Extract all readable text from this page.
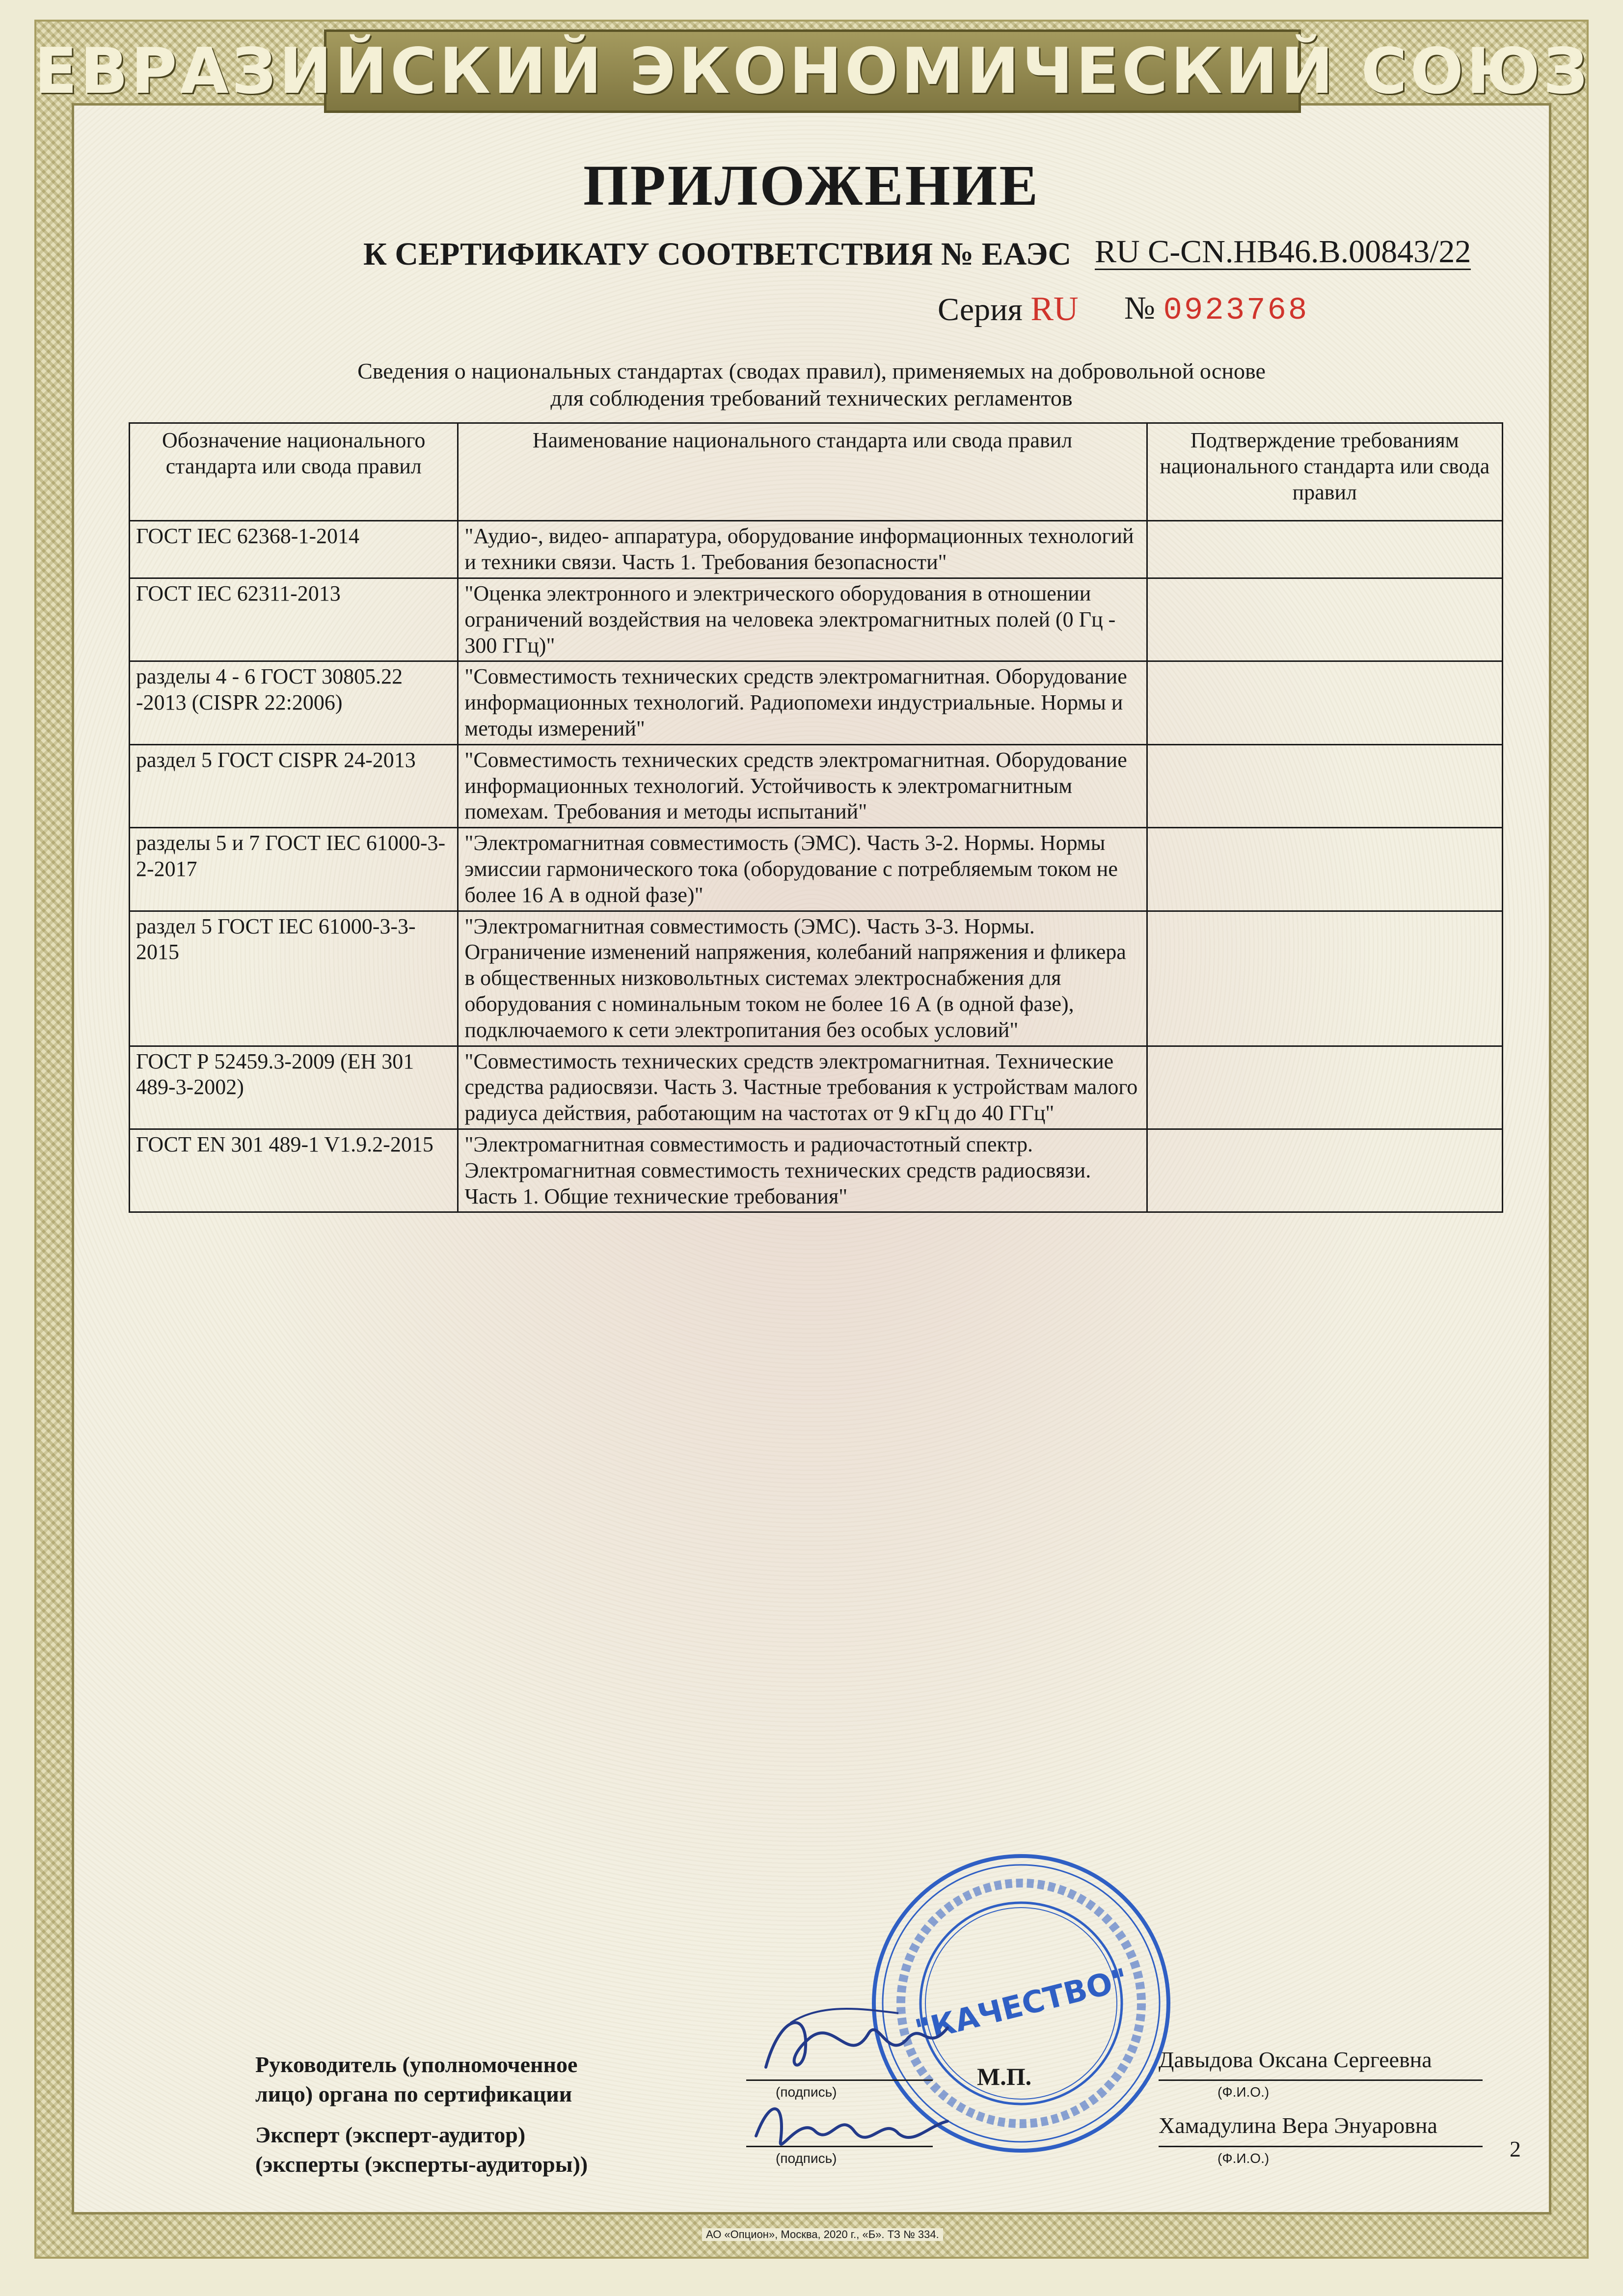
ЕВРАЗИЙСКИЙ ЭКОНОМИЧЕСКИЙ СОЮЗ
ПРИЛОЖЕНИЕ
К СЕРТИФИКАТУ СООТВЕТСТВИЯ № ЕАЭС RU C-CN.HB46.B.00843/22
Серия RU № 0923768
Сведения о национальных стандартах (сводах правил), применяемых на добровольной основе
для соблюдения требований технических регламентов
Обозначение национального стандарта или свода правил	Наименование национального стандарта или свода правил	Подтверждение требованиям национального стандарта или свода правил
ГОСТ IEC 62368-1-2014	"Аудио-, видео- аппаратура, оборудование информационных технологий и техники связи. Часть 1. Требования безопасности"	
ГОСТ IEC 62311-2013	"Оценка электронного и электрического оборудования в отношении ограничений воздействия на человека электромагнитных полей (0 Гц - 300 ГГц)"	
разделы 4 - 6 ГОСТ 30805.22 -2013 (CISPR 22:2006)	"Совместимость технических средств электромагнитная. Оборудование информационных технологий. Радиопомехи индустриальные. Нормы и методы измерений"	
раздел 5 ГОСТ CISPR 24-2013	"Совместимость технических средств электромагнитная. Оборудование информационных технологий. Устойчивость к электромагнитным помехам. Требования и методы испытаний"	
разделы 5 и 7 ГОСТ IEC 61000-3-2-2017	"Электромагнитная совместимость (ЭМС). Часть 3-2. Нормы. Нормы эмиссии гармонического тока (оборудование с потребляемым током не более 16 А в одной фазе)"	
раздел 5 ГОСТ IEC 61000-3-3-2015	"Электромагнитная совместимость (ЭМС). Часть 3-3. Нормы. Ограничение изменений напряжения, колебаний напряжения и фликера в общественных низковольтных системах электроснабжения для оборудования с номинальным током не более 16 А (в одной фазе), подключаемого к сети электропитания без особых условий"	
ГОСТ Р 52459.3-2009 (ЕН 301 489-3-2002)	"Совместимость технических средств электромагнитная. Технические средства радиосвязи. Часть 3. Частные требования к устройствам малого радиуса действия, работающим на частотах от 9 кГц до 40 ГГц"	
ГОСТ EN 301 489-1 V1.9.2-2015	"Электромагнитная совместимость и радиочастотный спектр. Электромагнитная совместимость технических средств радиосвязи. Часть 1. Общие технические требования"	
"КАЧЕСТВО"
Руководитель (уполномоченное
лицо) органа по сертификации	(подпись)
М.П.
Давыдова Оксана Сергеевна
(Ф.И.О.)
Эксперт (эксперт-аудитор)
(эксперты (эксперты-аудиторы))	(подпись)
Хамадулина Вера Энуаровна
(Ф.И.О.)	2
АО «Опцион», Москва, 2020 г., «Б». ТЗ № 334.
